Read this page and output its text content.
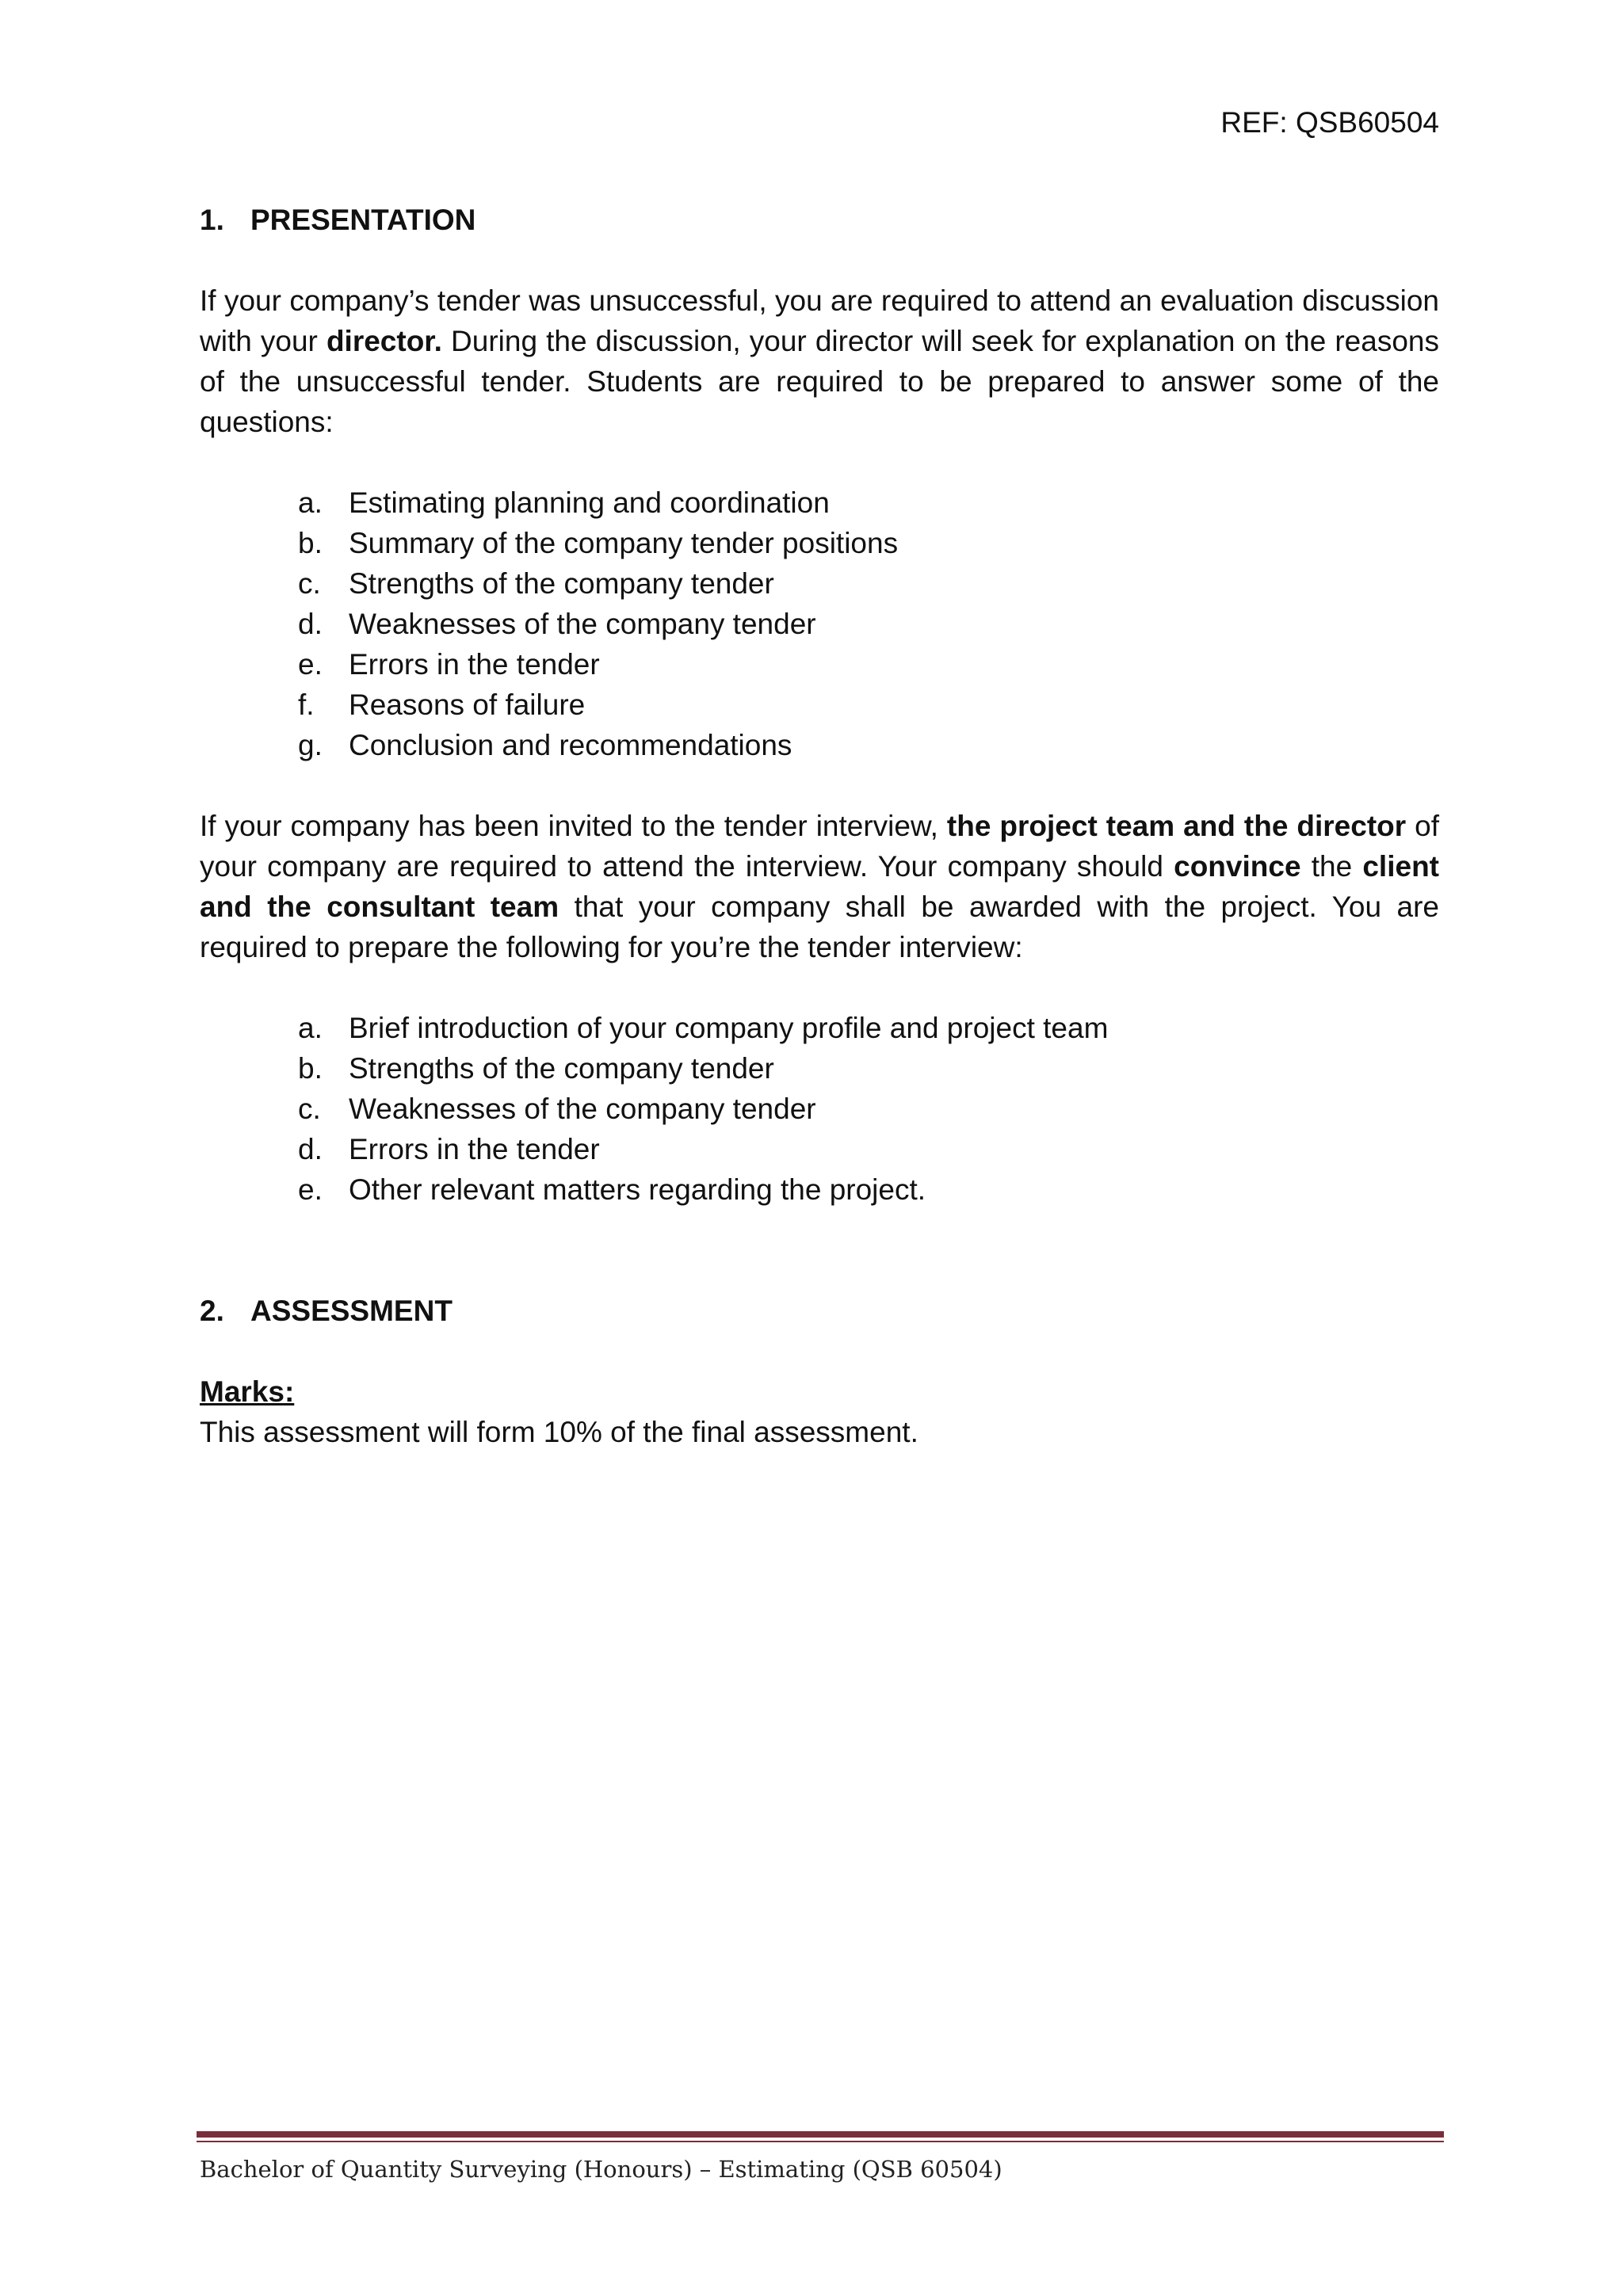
REF: QSB60504
1. PRESENTATION

If your company’s tender was unsuccessful, you are required to attend an evaluation discussion with your director. During the discussion, your director will seek for explanation on the reasons of the unsuccessful tender. Students are required to be prepared to answer some of the questions:

a. Estimating planning and coordination
b. Summary of the company tender positions
c. Strengths of the company tender
d. Weaknesses of the company tender
e. Errors in the tender
f.	Reasons of failure
g. Conclusion and recommendations

If your company has been invited to the tender interview, the project team and the director of your company are required to attend the interview. Your company should convince the client and the consultant team that your company shall be awarded with the project. You are required to prepare the following for you’re the tender interview:

a. Brief introduction of your company profile and project team
b. Strengths of the company tender
c. Weaknesses of the company tender
d. Errors in the tender
e. Other relevant matters regarding the project.
2. ASSESSMENT
Marks:
This assessment will form 10% of the final assessment.
Bachelor of Quantity Surveying (Honours) – Estimating (QSB 60504)
